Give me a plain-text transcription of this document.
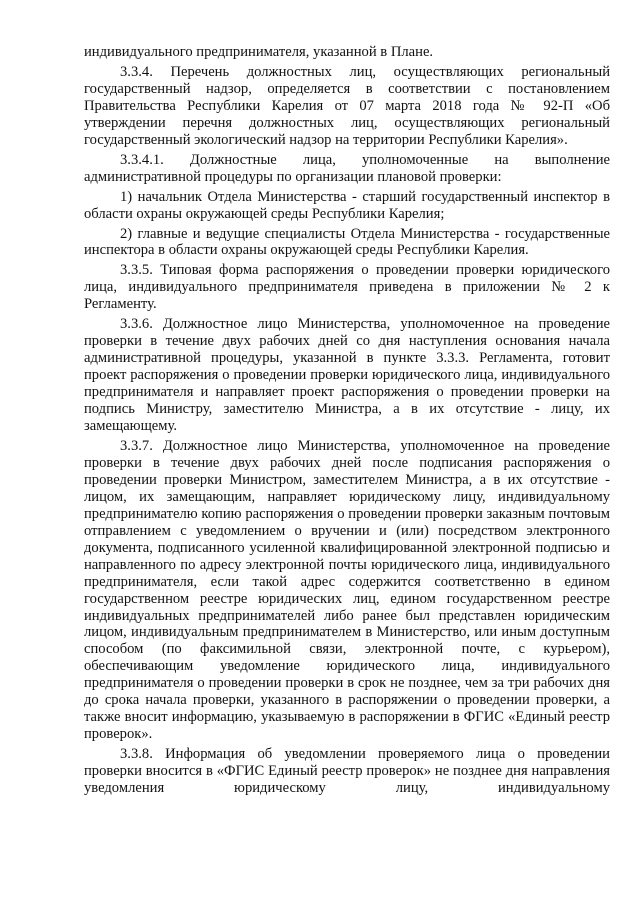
индивидуального предпринимателя, указанной в Плане.

3.3.4. Перечень должностных лиц, осуществляющих региональный государственный надзор, определяется в соответствии с постановлением Правительства Республики Карелия от 07 марта 2018 года № 92-П «Об утверждении перечня должностных лиц, осуществляющих региональный государственный экологический надзор на территории Республики Карелия».

3.3.4.1. Должностные лица, уполномоченные на выполнение административной процедуры по организации плановой проверки:

1) начальник Отдела Министерства - старший государственный инспектор в области охраны окружающей среды Республики Карелия;

2) главные и ведущие специалисты Отдела Министерства - государственные инспектора в области охраны окружающей среды Республики Карелия.

3.3.5. Типовая форма распоряжения о проведении проверки юридического лица, индивидуального предпринимателя приведена в приложении № 2 к Регламенту.

3.3.6. Должностное лицо Министерства, уполномоченное на проведение проверки в течение двух рабочих дней со дня наступления основания начала административной процедуры, указанной в пункте 3.3.3. Регламента, готовит проект распоряжения о проведении проверки юридического лица, индивидуального предпринимателя и направляет проект распоряжения о проведении проверки на подпись Министру, заместителю Министра, а в их отсутствие - лицу, их замещающему.

3.3.7. Должностное лицо Министерства, уполномоченное на проведение проверки в течение двух рабочих дней после подписания распоряжения о проведении проверки Министром, заместителем Министра, а в их отсутствие - лицом, их замещающим, направляет юридическому лицу, индивидуальному предпринимателю копию распоряжения о проведении проверки заказным почтовым отправлением с уведомлением о вручении и (или) посредством электронного документа, подписанного усиленной квалифицированной электронной подписью и направленного по адресу электронной почты юридического лица, индивидуального предпринимателя, если такой адрес содержится соответственно в едином государственном реестре юридических лиц, едином государственном реестре индивидуальных предпринимателей либо ранее был представлен юридическим лицом, индивидуальным предпринимателем в Министерство, или иным доступным способом (по факсимильной связи, электронной почте, с курьером), обеспечивающим уведомление юридического лица, индивидуального предпринимателя о проведении проверки в срок не позднее, чем за три рабочих дня до срока начала проверки, указанного в распоряжении о проведении проверки, а также вносит информацию, указываемую в распоряжении в ФГИС «Единый реестр проверок».

3.3.8. Информация об уведомлении проверяемого лица о проведении проверки вносится в «ФГИС Единый реестр проверок» не позднее дня направления уведомления юридическому лицу, индивидуальному
